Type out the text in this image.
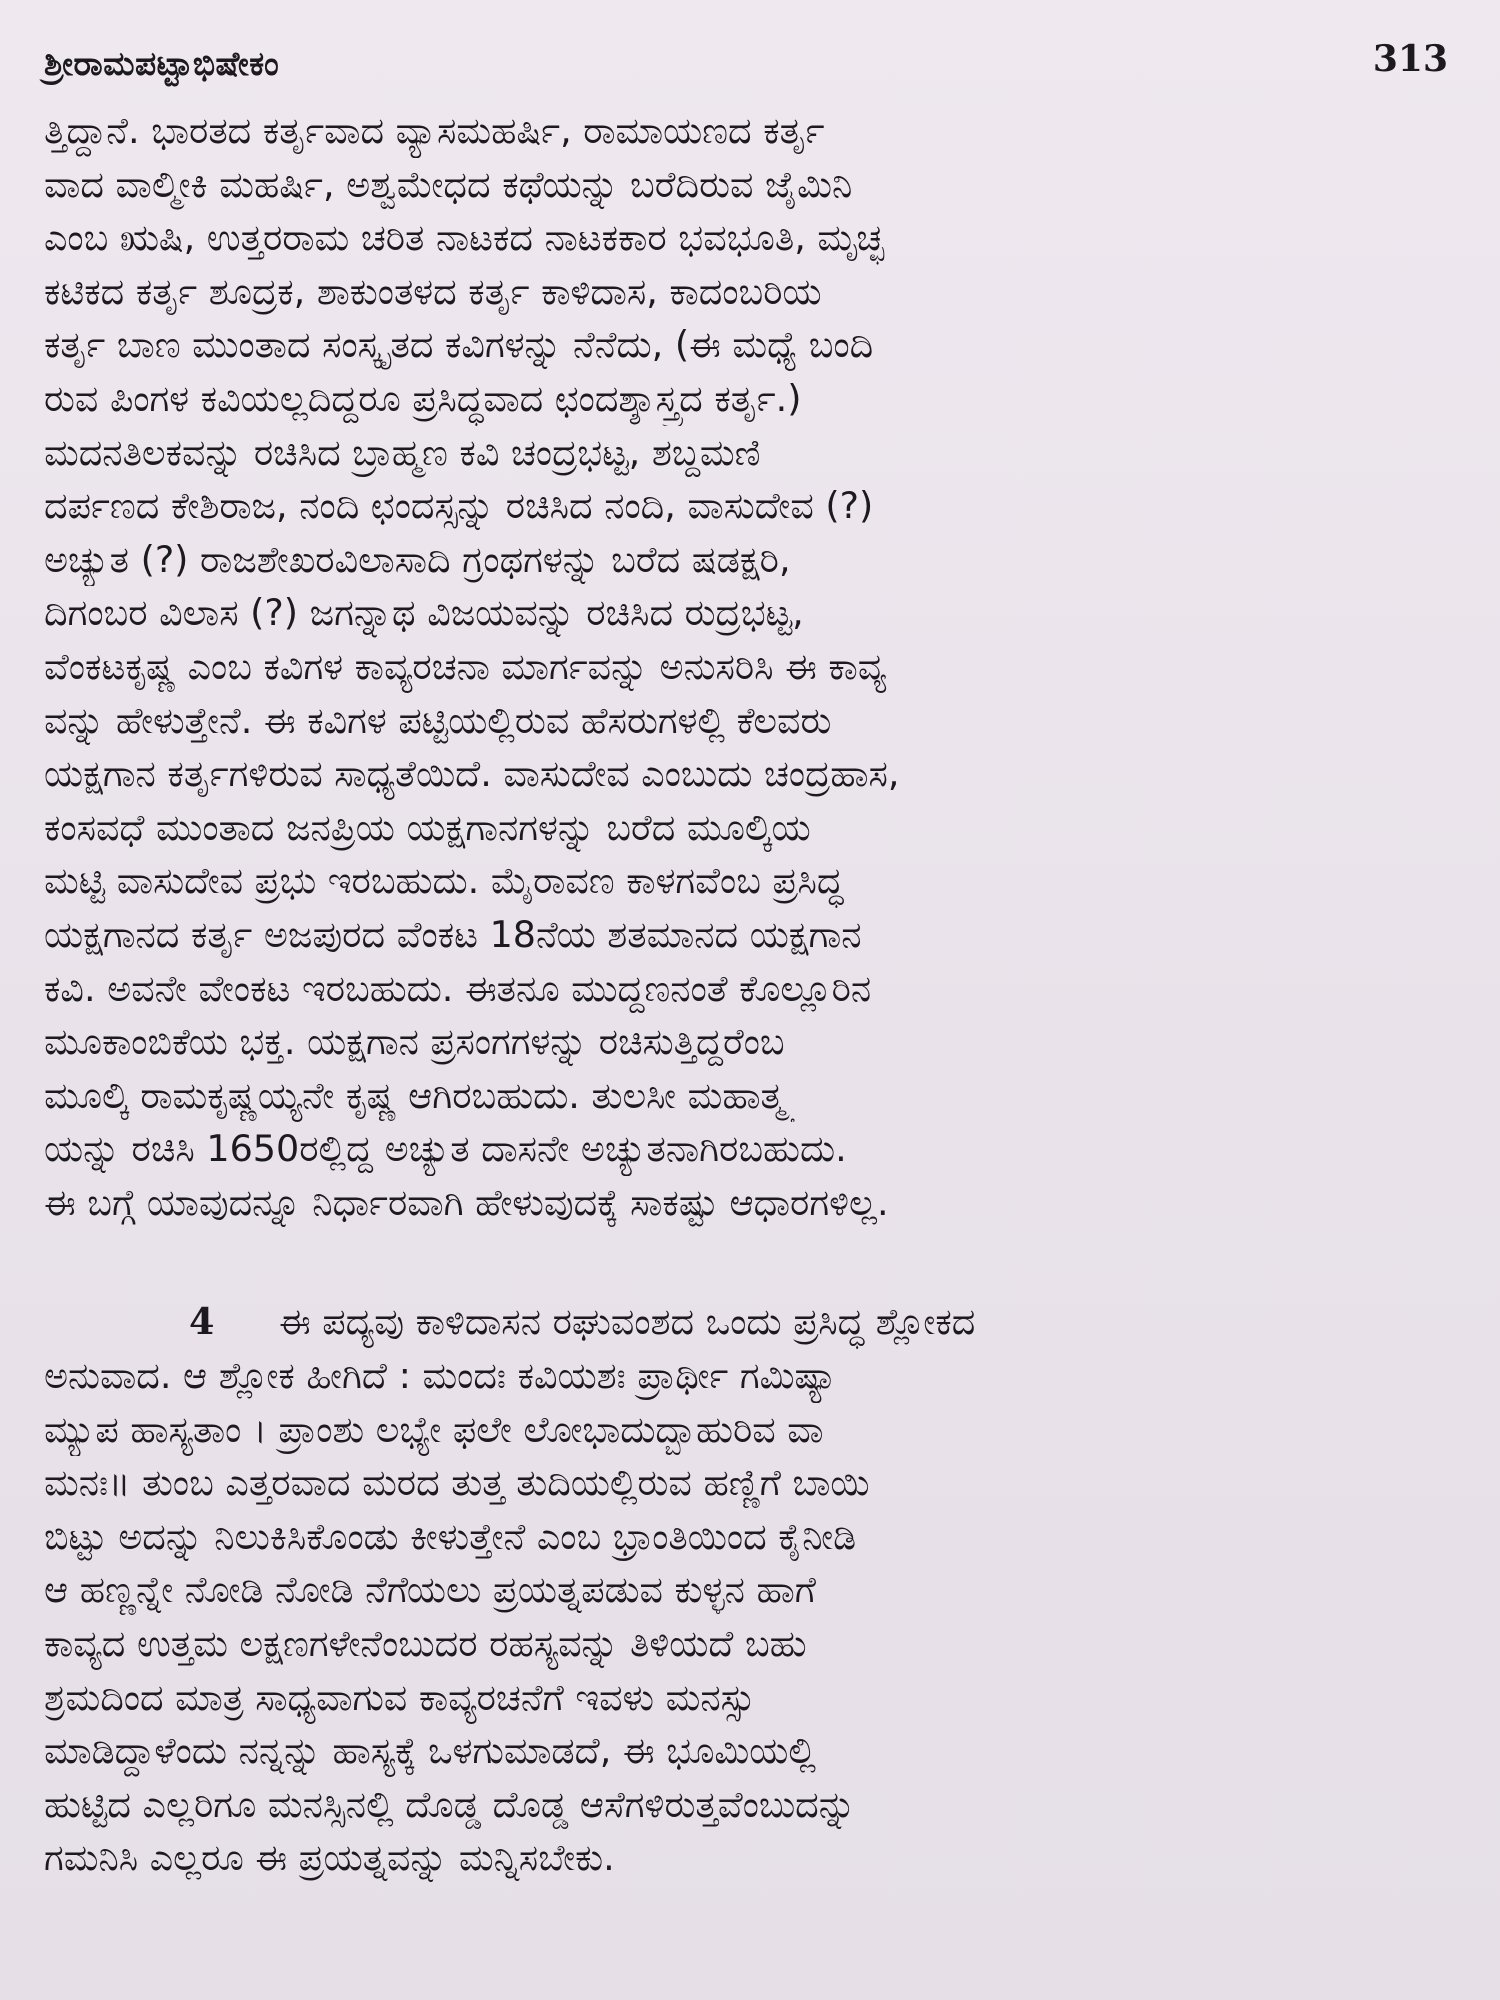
ಶ್ರೀರಾಮಪಟ್ಟಾಭಿಷೇಕಂ	313

ತ್ತಿದ್ದಾನೆ. ಭಾರತದ ಕರ್ತೃವಾದ ವ್ಯಾಸಮಹರ್ಷಿ, ರಾಮಾಯಣದ ಕರ್ತೃ
ವಾದ ವಾಲ್ಮೀಕಿ ಮಹರ್ಷಿ, ಅಶ್ವಮೇಧದ ಕಥೆಯನ್ನು ಬರೆದಿರುವ ಜೈಮಿನಿ
ಎಂಬ ಋಷಿ, ಉತ್ತರರಾಮ ಚರಿತ ನಾಟಕದ ನಾಟಕಕಾರ ಭವಭೂತಿ, ಮೃಚ್ಛ
ಕಟಿಕದ ಕರ್ತೃ ಶೂದ್ರಕ, ಶಾಕುಂತಳದ ಕರ್ತೃ ಕಾಳಿದಾಸ, ಕಾದಂಬರಿಯ
ಕರ್ತೃ ಬಾಣ ಮುಂತಾದ ಸಂಸ್ಕೃತದ ಕವಿಗಳನ್ನು ನೆನೆದು, (ಈ ಮಧ್ಯೆ ಬಂದಿ
ರುವ ಪಿಂಗಳ ಕವಿಯಲ್ಲದಿದ್ದರೂ ಪ್ರಸಿದ್ಧವಾದ ಛಂದಶ್ಶಾಸ್ತ್ರದ ಕರ್ತೃ.)
ಮದನತಿಲಕವನ್ನು ರಚಿಸಿದ ಬ್ರಾಹ್ಮಣ ಕವಿ ಚಂದ್ರಭಟ್ಟ, ಶಬ್ದಮಣಿ
ದರ್ಪಣದ ಕೇಶಿರಾಜ, ನಂದಿ ಛಂದಸ್ಸನ್ನು ರಚಿಸಿದ ನಂದಿ, ವಾಸುದೇವ (?)
ಅಚ್ಯುತ (?) ರಾಜಶೇಖರವಿಲಾಸಾದಿ ಗ್ರಂಥಗಳನ್ನು ಬರೆದ ಷಡಕ್ಷರಿ,
ದಿಗಂಬರ ವಿಲಾಸ (?) ಜಗನ್ನಾಥ ವಿಜಯವನ್ನು ರಚಿಸಿದ ರುದ್ರಭಟ್ಟ,
ವೆಂಕಟಕೃಷ್ಣ ಎಂಬ ಕವಿಗಳ ಕಾವ್ಯರಚನಾ ಮಾರ್ಗವನ್ನು ಅನುಸರಿಸಿ ಈ ಕಾವ್ಯ
ವನ್ನು ಹೇಳುತ್ತೇನೆ. ಈ ಕವಿಗಳ ಪಟ್ಟಿಯಲ್ಲಿರುವ ಹೆಸರುಗಳಲ್ಲಿ ಕೆಲವರು
ಯಕ್ಷಗಾನ ಕರ್ತೃಗಳಿರುವ ಸಾಧ್ಯತೆಯಿದೆ. ವಾಸುದೇವ ಎಂಬುದು ಚಂದ್ರಹಾಸ,
ಕಂಸವಧೆ ಮುಂತಾದ ಜನಪ್ರಿಯ ಯಕ್ಷಗಾನಗಳನ್ನು ಬರೆದ ಮೂಲ್ಕಿಯ
ಮಟ್ಟಿ ವಾಸುದೇವ ಪ್ರಭು ಇರಬಹುದು. ಮೈರಾವಣ ಕಾಳಗವೆಂಬ ಪ್ರಸಿದ್ಧ
ಯಕ್ಷಗಾನದ ಕರ್ತೃ ಅಜಪುರದ ವೆಂಕಟ 18ನೆಯ ಶತಮಾನದ ಯಕ್ಷಗಾನ
ಕವಿ. ಅವನೇ ವೇಂಕಟ ಇರಬಹುದು. ಈತನೂ ಮುದ್ದಣನಂತೆ ಕೊಲ್ಲೂರಿನ
ಮೂಕಾಂಬಿಕೆಯ ಭಕ್ತ. ಯಕ್ಷಗಾನ ಪ್ರಸಂಗಗಳನ್ನು ರಚಿಸುತ್ತಿದ್ದರೆಂಬ
ಮೂಲ್ಕಿ ರಾಮಕೃಷ್ಣಯ್ಯನೇ ಕೃಷ್ಣ ಆಗಿರಬಹುದು. ತುಲಸೀ ಮಹಾತ್ಮ್ಯ
ಯನ್ನು ರಚಿಸಿ 1650ರಲ್ಲಿದ್ದ ಅಚ್ಯುತ ದಾಸನೇ ಅಚ್ಯುತನಾಗಿರಬಹುದು.
ಈ ಬಗ್ಗೆ ಯಾವುದನ್ನೂ ನಿರ್ಧಾರವಾಗಿ ಹೇಳುವುದಕ್ಕೆ ಸಾಕಷ್ಟು ಆಧಾರಗಳಿಲ್ಲ.

4 ಈ ಪದ್ಯವು ಕಾಳಿದಾಸನ ರಘುವಂಶದ ಒಂದು ಪ್ರಸಿದ್ಧ ಶ್ಲೋಕದ
ಅನುವಾದ. ಆ ಶ್ಲೋಕ ಹೀಗಿದೆ : ಮಂದಃ ಕವಿಯಶಃ ಪ್ರಾರ್ಥೀ ಗಮಿಷ್ಯಾ
ಮ್ಯುಪ ಹಾಸ್ಯತಾಂ । ಪ್ರಾಂಶು ಲಭ್ಯೇ ಫಲೇ ಲೋಭಾದುದ್ಬಾಹುರಿವ ವಾ
ಮನಃ॥ ತುಂಬ ಎತ್ತರವಾದ ಮರದ ತುತ್ತ ತುದಿಯಲ್ಲಿರುವ ಹಣ್ಣಿಗೆ ಬಾಯಿ
ಬಿಟ್ಟು ಅದನ್ನು ನಿಲುಕಿಸಿಕೊಂಡು ಕೀಳುತ್ತೇನೆ ಎಂಬ ಭ್ರಾಂತಿಯಿಂದ ಕೈನೀಡಿ
ಆ ಹಣ್ಣನ್ನೇ ನೋಡಿ ನೋಡಿ ನೆಗೆಯಲು ಪ್ರಯತ್ನಪಡುವ ಕುಳ್ಳನ ಹಾಗೆ
ಕಾವ್ಯದ ಉತ್ತಮ ಲಕ್ಷಣಗಳೇನೆಂಬುದರ ರಹಸ್ಯವನ್ನು ತಿಳಿಯದೆ ಬಹು
ಶ್ರಮದಿಂದ ಮಾತ್ರ ಸಾಧ್ಯವಾಗುವ ಕಾವ್ಯರಚನೆಗೆ ಇವಳು ಮನಸ್ಸು
ಮಾಡಿದ್ದಾಳೆಂದು ನನ್ನನ್ನು ಹಾಸ್ಯಕ್ಕೆ ಒಳಗುಮಾಡದೆ, ಈ ಭೂಮಿಯಲ್ಲಿ
ಹುಟ್ಟಿದ ಎಲ್ಲರಿಗೂ ಮನಸ್ಸಿನಲ್ಲಿ ದೊಡ್ಡ ದೊಡ್ಡ ಆಸೆಗಳಿರುತ್ತವೆಂಬುದನ್ನು
ಗಮನಿಸಿ ಎಲ್ಲರೂ ಈ ಪ್ರಯತ್ನವನ್ನು ಮನ್ನಿಸಬೇಕು.
